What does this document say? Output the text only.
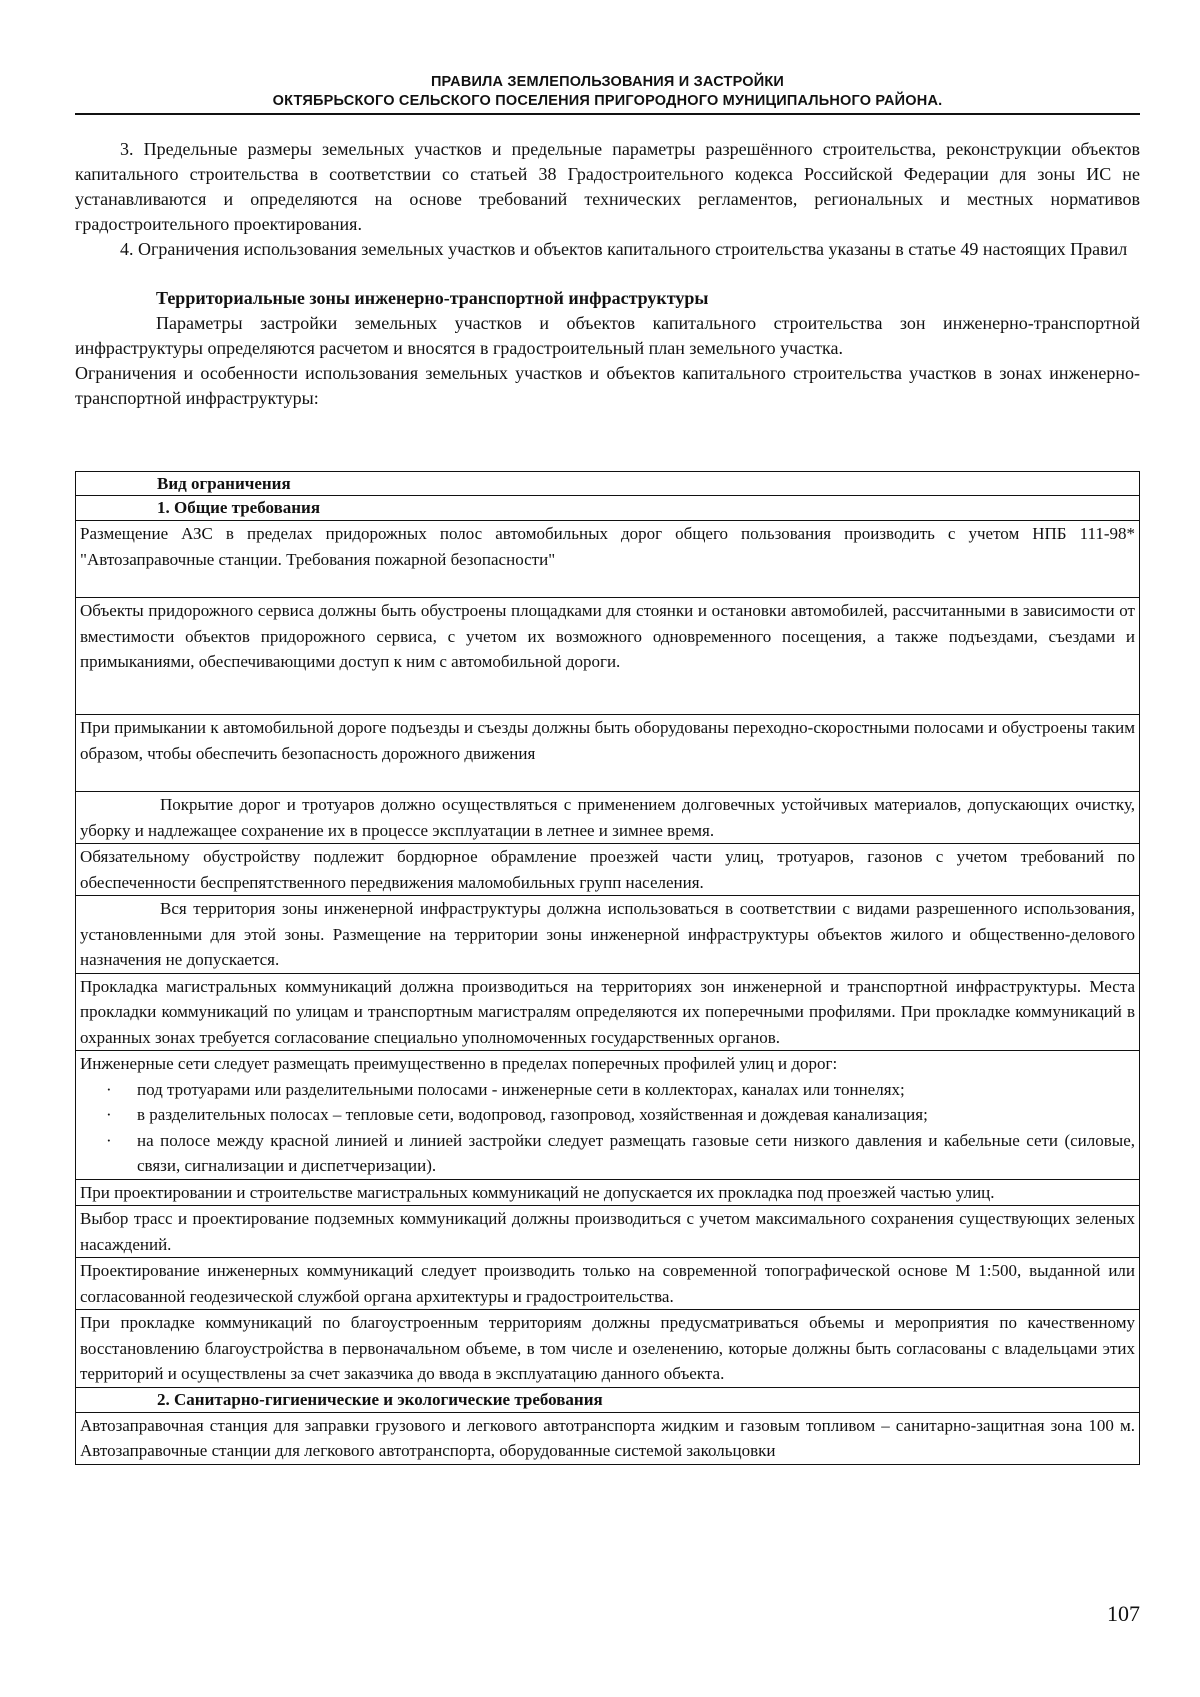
ПРАВИЛА ЗЕМЛЕПОЛЬЗОВАНИЯ И ЗАСТРОЙКИ
ОКТЯБРЬСКОГО СЕЛЬСКОГО ПОСЕЛЕНИЯ ПРИГОРОДНОГО МУНИЦИПАЛЬНОГО РАЙОНА.

3. Предельные размеры земельных участков и предельные параметры разрешённого строительства, реконструкции объектов капитального строительства в соответствии со статьей 38 Градостроительного кодекса Российской Федерации для зоны ИС не устанавливаются и определяются на основе требований технических регламентов, региональных и местных нормативов градостроительного проектирования.

4. Ограничения использования земельных участков и объектов капитального строительства указаны в статье 49 настоящих Правил

Территориальные зоны инженерно-транспортной инфраструктуры

Параметры застройки земельных участков и объектов капитального строительства зон инженерно-транспортной инфраструктуры определяются расчетом и вносятся в градостроительный план земельного участка.

Ограничения и особенности использования земельных участков и объектов капитального строительства участков в зонах инженерно-транспортной инфраструктуры:

Вид ограничения
1. Общие требования
Размещение АЗС в пределах придорожных полос автомобильных дорог общего пользования производить с учетом НПБ 111-98* "Автозаправочные станции. Требования пожарной безопасности"
Объекты придорожного сервиса должны быть обустроены площадками для стоянки и остановки автомобилей, рассчитанными в зависимости от вместимости объектов придорожного сервиса, с учетом их возможного одновременного посещения, а также подъездами, съездами и примыканиями, обеспечивающими доступ к ним с автомобильной дороги.
При примыкании к автомобильной дороге подъезды и съезды должны быть оборудованы переходно-скоростными полосами и обустроены таким образом, чтобы обеспечить безопасность дорожного движения
Покрытие дорог и тротуаров должно осуществляться с применением долговечных устойчивых материалов, допускающих очистку, уборку и надлежащее сохранение их в процессе эксплуатации в летнее и зимнее время.
Обязательному обустройству подлежит бордюрное обрамление проезжей части улиц, тротуаров, газонов с учетом требований по обеспеченности беспрепятственного передвижения маломобильных групп населения.
Вся территория зоны инженерной инфраструктуры должна использоваться в соответствии с видами разрешенного использования, установленными для этой зоны. Размещение на территории зоны инженерной инфраструктуры объектов жилого и общественно-делового назначения не допускается.
Прокладка магистральных коммуникаций должна производиться на территориях зон инженерной и транспортной инфраструктуры. Места прокладки коммуникаций по улицам и транспортным магистралям определяются их поперечными профилями. При прокладке коммуникаций в охранных зонах требуется согласование специально уполномоченных государственных органов.

Инженерные сети следует размещать преимущественно в пределах поперечных профилей улиц и дорог:
· под тротуарами или разделительными полосами - инженерные сети в коллекторах, каналах или тоннелях;
· в разделительных полосах – тепловые сети, водопровод, газопровод, хозяйственная и дождевая канализация;
· на полосе между красной линией и линией застройки следует размещать газовые сети низкого давления и кабельные сети (силовые, связи, сигнализации и диспетчеризации).

При проектировании и строительстве магистральных коммуникаций не допускается их прокладка под проезжей частью улиц.
Выбор трасс и проектирование подземных коммуникаций должны производиться с учетом максимального сохранения существующих зеленых насаждений.
Проектирование инженерных коммуникаций следует производить только на современной топографической основе М 1:500, выданной или согласованной геодезической службой органа архитектуры и градостроительства.
При прокладке коммуникаций по благоустроенным территориям должны предусматриваться объемы и мероприятия по качественному восстановлению благоустройства в первоначальном объеме, в том числе и озеленению, которые должны быть согласованы с владельцами этих территорий и осуществлены за счет заказчика до ввода в эксплуатацию данного объекта.
2. Санитарно-гигиенические и экологические требования
Автозаправочная станция для заправки грузового и легкового автотранспорта жидким и газовым топливом – санитарно-защитная зона 100 м. Автозаправочные станции для легкового автотранспорта, оборудованные системой закольцовки
107
